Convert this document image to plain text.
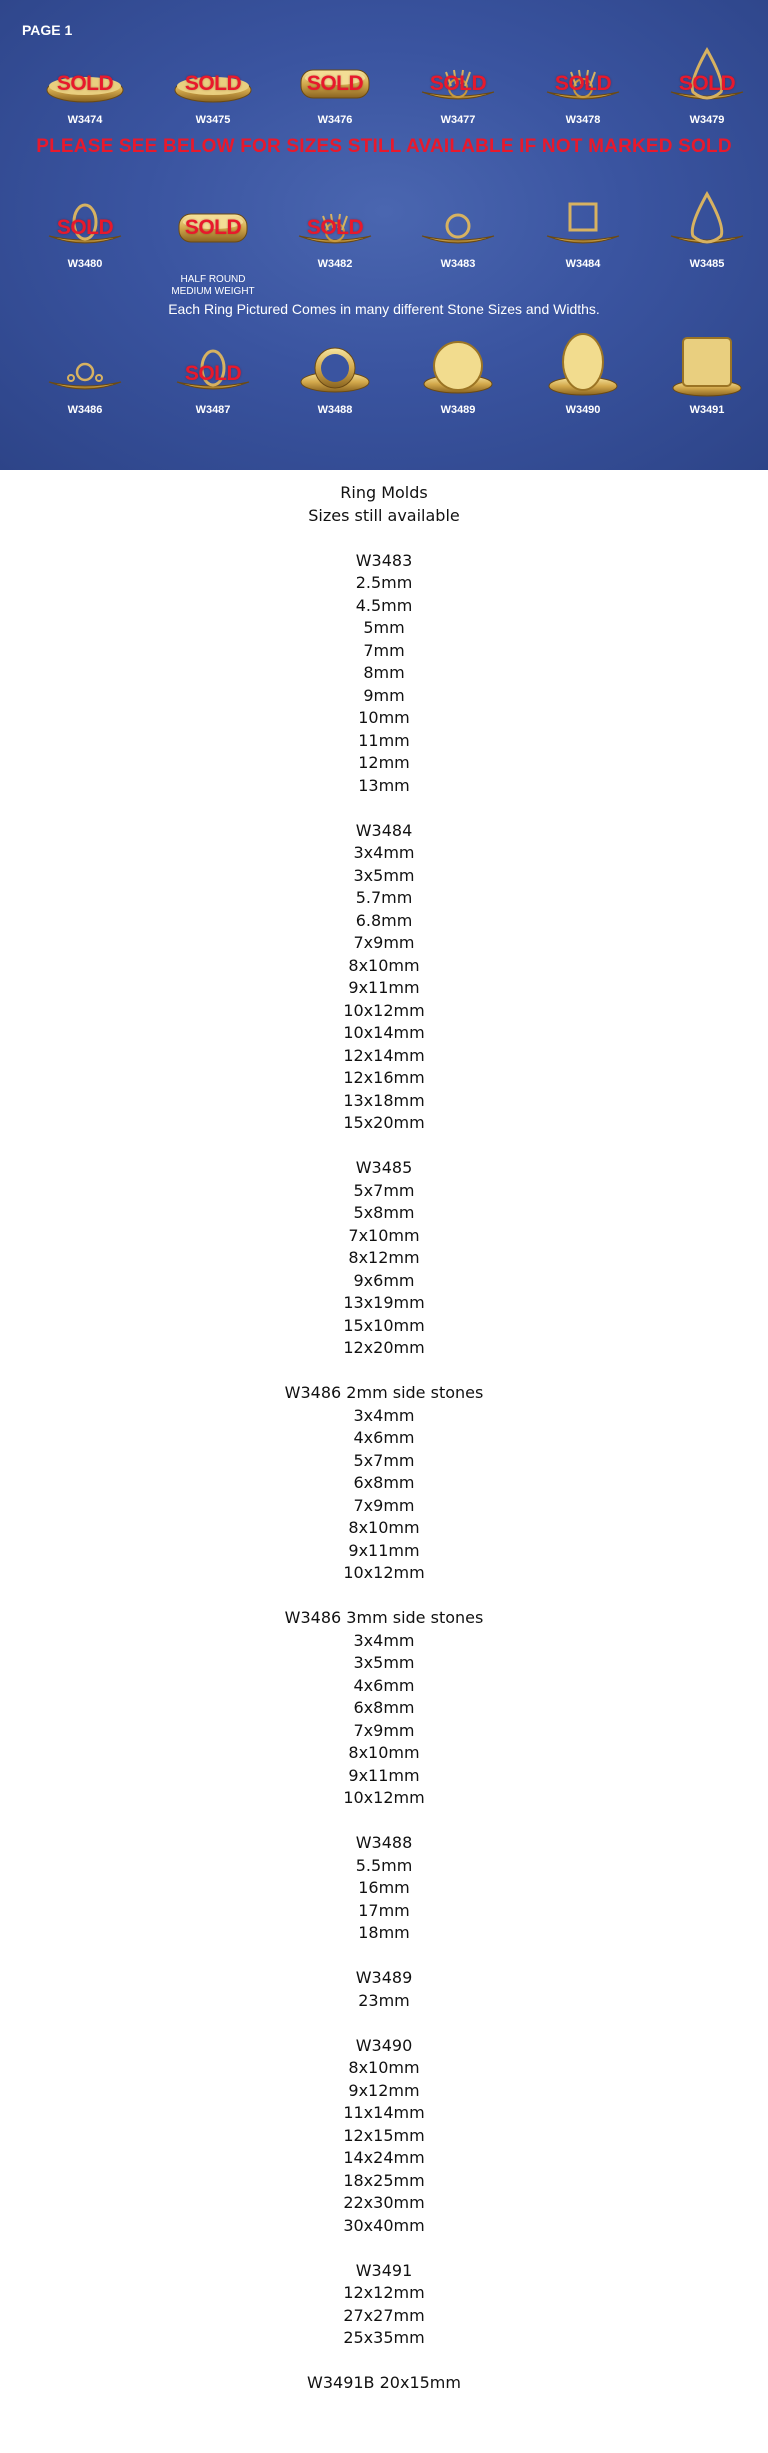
PAGE 1
SOLD
W3474
SOLD
W3475
SOLD
W3476
SOLD
W3477
SOLD
W3478
SOLD
W3479
SOLD
W3480
SOLD
HALF ROUND
MEDIUM WEIGHT
SOLD
W3482	W3483	W3484	W3485
W3486
SOLD
W3487	W3488	W3489	W3490	W3491
PLEASE SEE BELOW FOR SIZES STILL AVAILABLE IF NOT MARKED SOLD
Each Ring Pictured Comes in many different Stone Sizes and Widths.
Ring Molds
Sizes still available
W3483
2.5mm
4.5mm
5mm
7mm
8mm
9mm
10mm
11mm
12mm
13mm
W3484
3x4mm
3x5mm
5.7mm
6.8mm
7x9mm
8x10mm
9x11mm
10x12mm
10x14mm
12x14mm
12x16mm
13x18mm
15x20mm
W3485
5x7mm
5x8mm
7x10mm
8x12mm
9x6mm
13x19mm
15x10mm
12x20mm
W3486 2mm side stones
3x4mm
4x6mm
5x7mm
6x8mm
7x9mm
8x10mm
9x11mm
10x12mm
W3486 3mm side stones
3x4mm
3x5mm
4x6mm
6x8mm
7x9mm
8x10mm
9x11mm
10x12mm
W3488
5.5mm
16mm
17mm
18mm
W3489
23mm
W3490
8x10mm
9x12mm
11x14mm
12x15mm
14x24mm
18x25mm
22x30mm
30x40mm
W3491
12x12mm
27x27mm
25x35mm
W3491B 20x15mm
